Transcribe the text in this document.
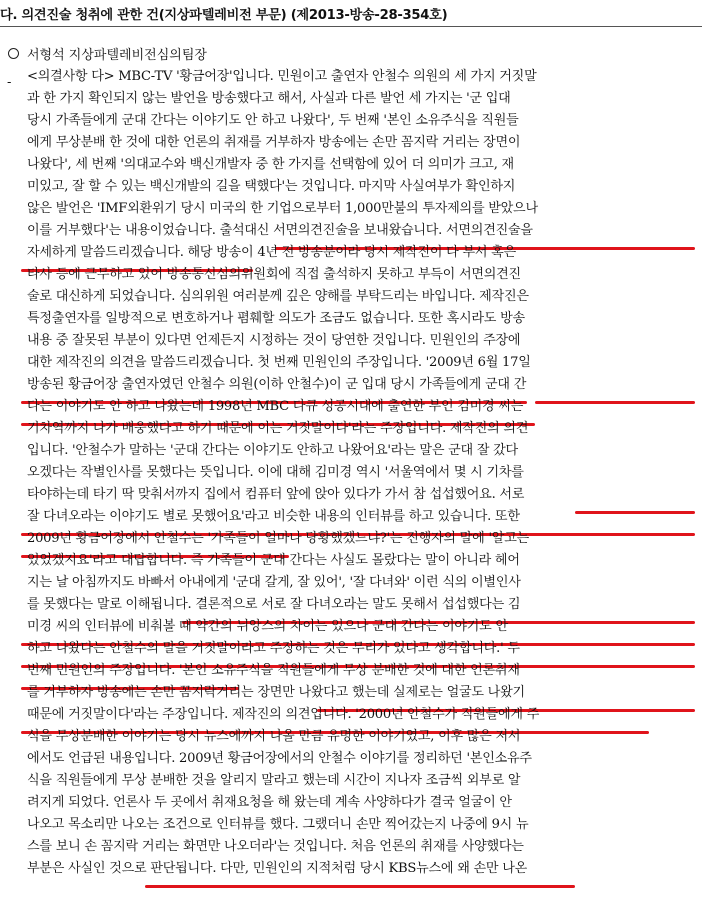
다. 의견진술 청취에 관한 건(지상파텔레비전 부문) (제2013-방송-28-354호)
서형석 지상파텔레비전심의팀장
- <의결사항 다> MBC-TV '황금어장'입니다. 민원이고 출연자 안철수 의원의 세 가지 거짓말
과 한 가지 확인되지 않는 발언을 방송했다고 해서, 사실과 다른 발언 세 가지는 '군 입대
당시 가족들에게 군대 간다는 이야기도 안 하고 나왔다', 두 번째 '본인 소유주식을 직원들
에게 무상분배 한 것에 대한 언론의 취재를 거부하자 방송에는 손만 꼼지락 거리는 장면이
나왔다', 세 번째 '의대교수와 백신개발자 중 한 가지를 선택함에 있어 더 의미가 크고, 재
미있고, 잘 할 수 있는 백신개발의 길을 택했다'는 것입니다. 마지막 사실여부가 확인하지
않은 발언은 'IMF외환위기 당시 미국의 한 기업으로부터 1,000만불의 투자제의를 받았으나
이를 거부했다'는 내용이었습니다. 출석대신 서면의견진술을 보내왔습니다. 서면의견진술을
자세하게 말씀드리겠습니다. 해당 방송이 4년 전 방송분이라 당시 제작진이 다 부서 혹은
타사 등에 근무하고 있어 방송통신심의위원회에 직접 출석하지 못하고 부득이 서면의견진
술로 대신하게 되었습니다. 심의위원 여러분께 깊은 양해를 부탁드리는 바입니다. 제작진은
특정출연자를 일방적으로 변호하거나 폄훼할 의도가 조금도 없습니다. 또한 혹시라도 방송
내용 중 잘못된 부분이 있다면 언제든지 시정하는 것이 당연한 것입니다. 민원인의 주장에
대한 제작진의 의견을 말씀드리겠습니다. 첫 번째 민원인의 주장입니다. '2009년 6월 17일
방송된 황금어장 출연자였던 안철수 의원(이하 안철수)이 군 입대 당시 가족들에게 군대 간
다는 이야기도 안 하고 나왔는데 1998년 MBC 다큐 성공시대에 출연한 부인 김미경 씨는
기차역까지 나가 배웅했다고 하기 때문에 이는 거짓말이다'라는 주장입니다. 제작진의 의견
입니다. '안철수가 말하는 '군대 간다는 이야기도 안하고 나왔어요'라는 말은 군대 잘 갔다
오겠다는 작별인사를 못했다는 뜻입니다. 이에 대해 김미경 역시 '서울역에서 몇 시 기차를
타야하는데 타기 딱 맞춰서까지 집에서 컴퓨터 앞에 앉아 있다가 가서 참 섭섭했어요. 서로
잘 다녀오라는 이야기도 별로 못했어요'라고 비슷한 내용의 인터뷰를 하고 있습니다. 또한
2009년 황금어장에서 안철수는 '가족들이 얼마나 당황했겠느냐?'는 진행자의 말에 '알고는
있었겠지요'라고 대답합니다. 즉 가족들이 군대 간다는 사실도 몰랐다는 말이 아니라 헤어
지는 날 아침까지도 바빠서 아내에게 '군대 갈게, 잘 있어', '잘 다녀와' 이런 식의 이별인사
를 못했다는 말로 이해됩니다. 결론적으로 서로 잘 다녀오라는 말도 못해서 섭섭했다는 김
미경 씨의 인터뷰에 비춰볼 때 약간의 뉘앙스의 차이는 있으나 군대 간다는 이야기도 안
하고 나왔다는 안철수의 말을 거짓말이라고 주장하는 것은 무리가 있다고 생각합니다.' 두
번째 민원인의 주장입니다. '본인 소유주식을 직원들에게 무상 분배한 것에 대한 언론취재
를 거부하자 방송에는 손만 꼼지락거리는 장면만 나왔다고 했는데 실제로는 얼굴도 나왔기
때문에 거짓말이다'라는 주장입니다. 제작진의 의견입니다. '2000년 안철수가 직원들에게 주
식을 무상분배한 이야기는 당시 뉴스에까지 나올 만큼 유명한 이야기였고, 이후 많은 저서
에서도 언급된 내용입니다. 2009년 황금어장에서의 안철수 이야기를 정리하던 '본인소유주
식을 직원들에게 무상 분배한 것을 알리지 말라고 했는데 시간이 지나자 조금씩 외부로 알
려지게 되었다. 언론사 두 곳에서 취재요청을 해 왔는데 계속 사양하다가 결국 얼굴이 안
나오고 목소리만 나오는 조건으로 인터뷰를 했다. 그랬더니 손만 찍어갔는지 나중에 9시 뉴
스를 보니 손 꼼지락 거리는 화면만 나오더라'는 것입니다. 처음 언론의 취재를 사양했다는
부분은 사실인 것으로 판단됩니다. 다만, 민원인의 지적처럼 당시 KBS뉴스에 왜 손만 나온
